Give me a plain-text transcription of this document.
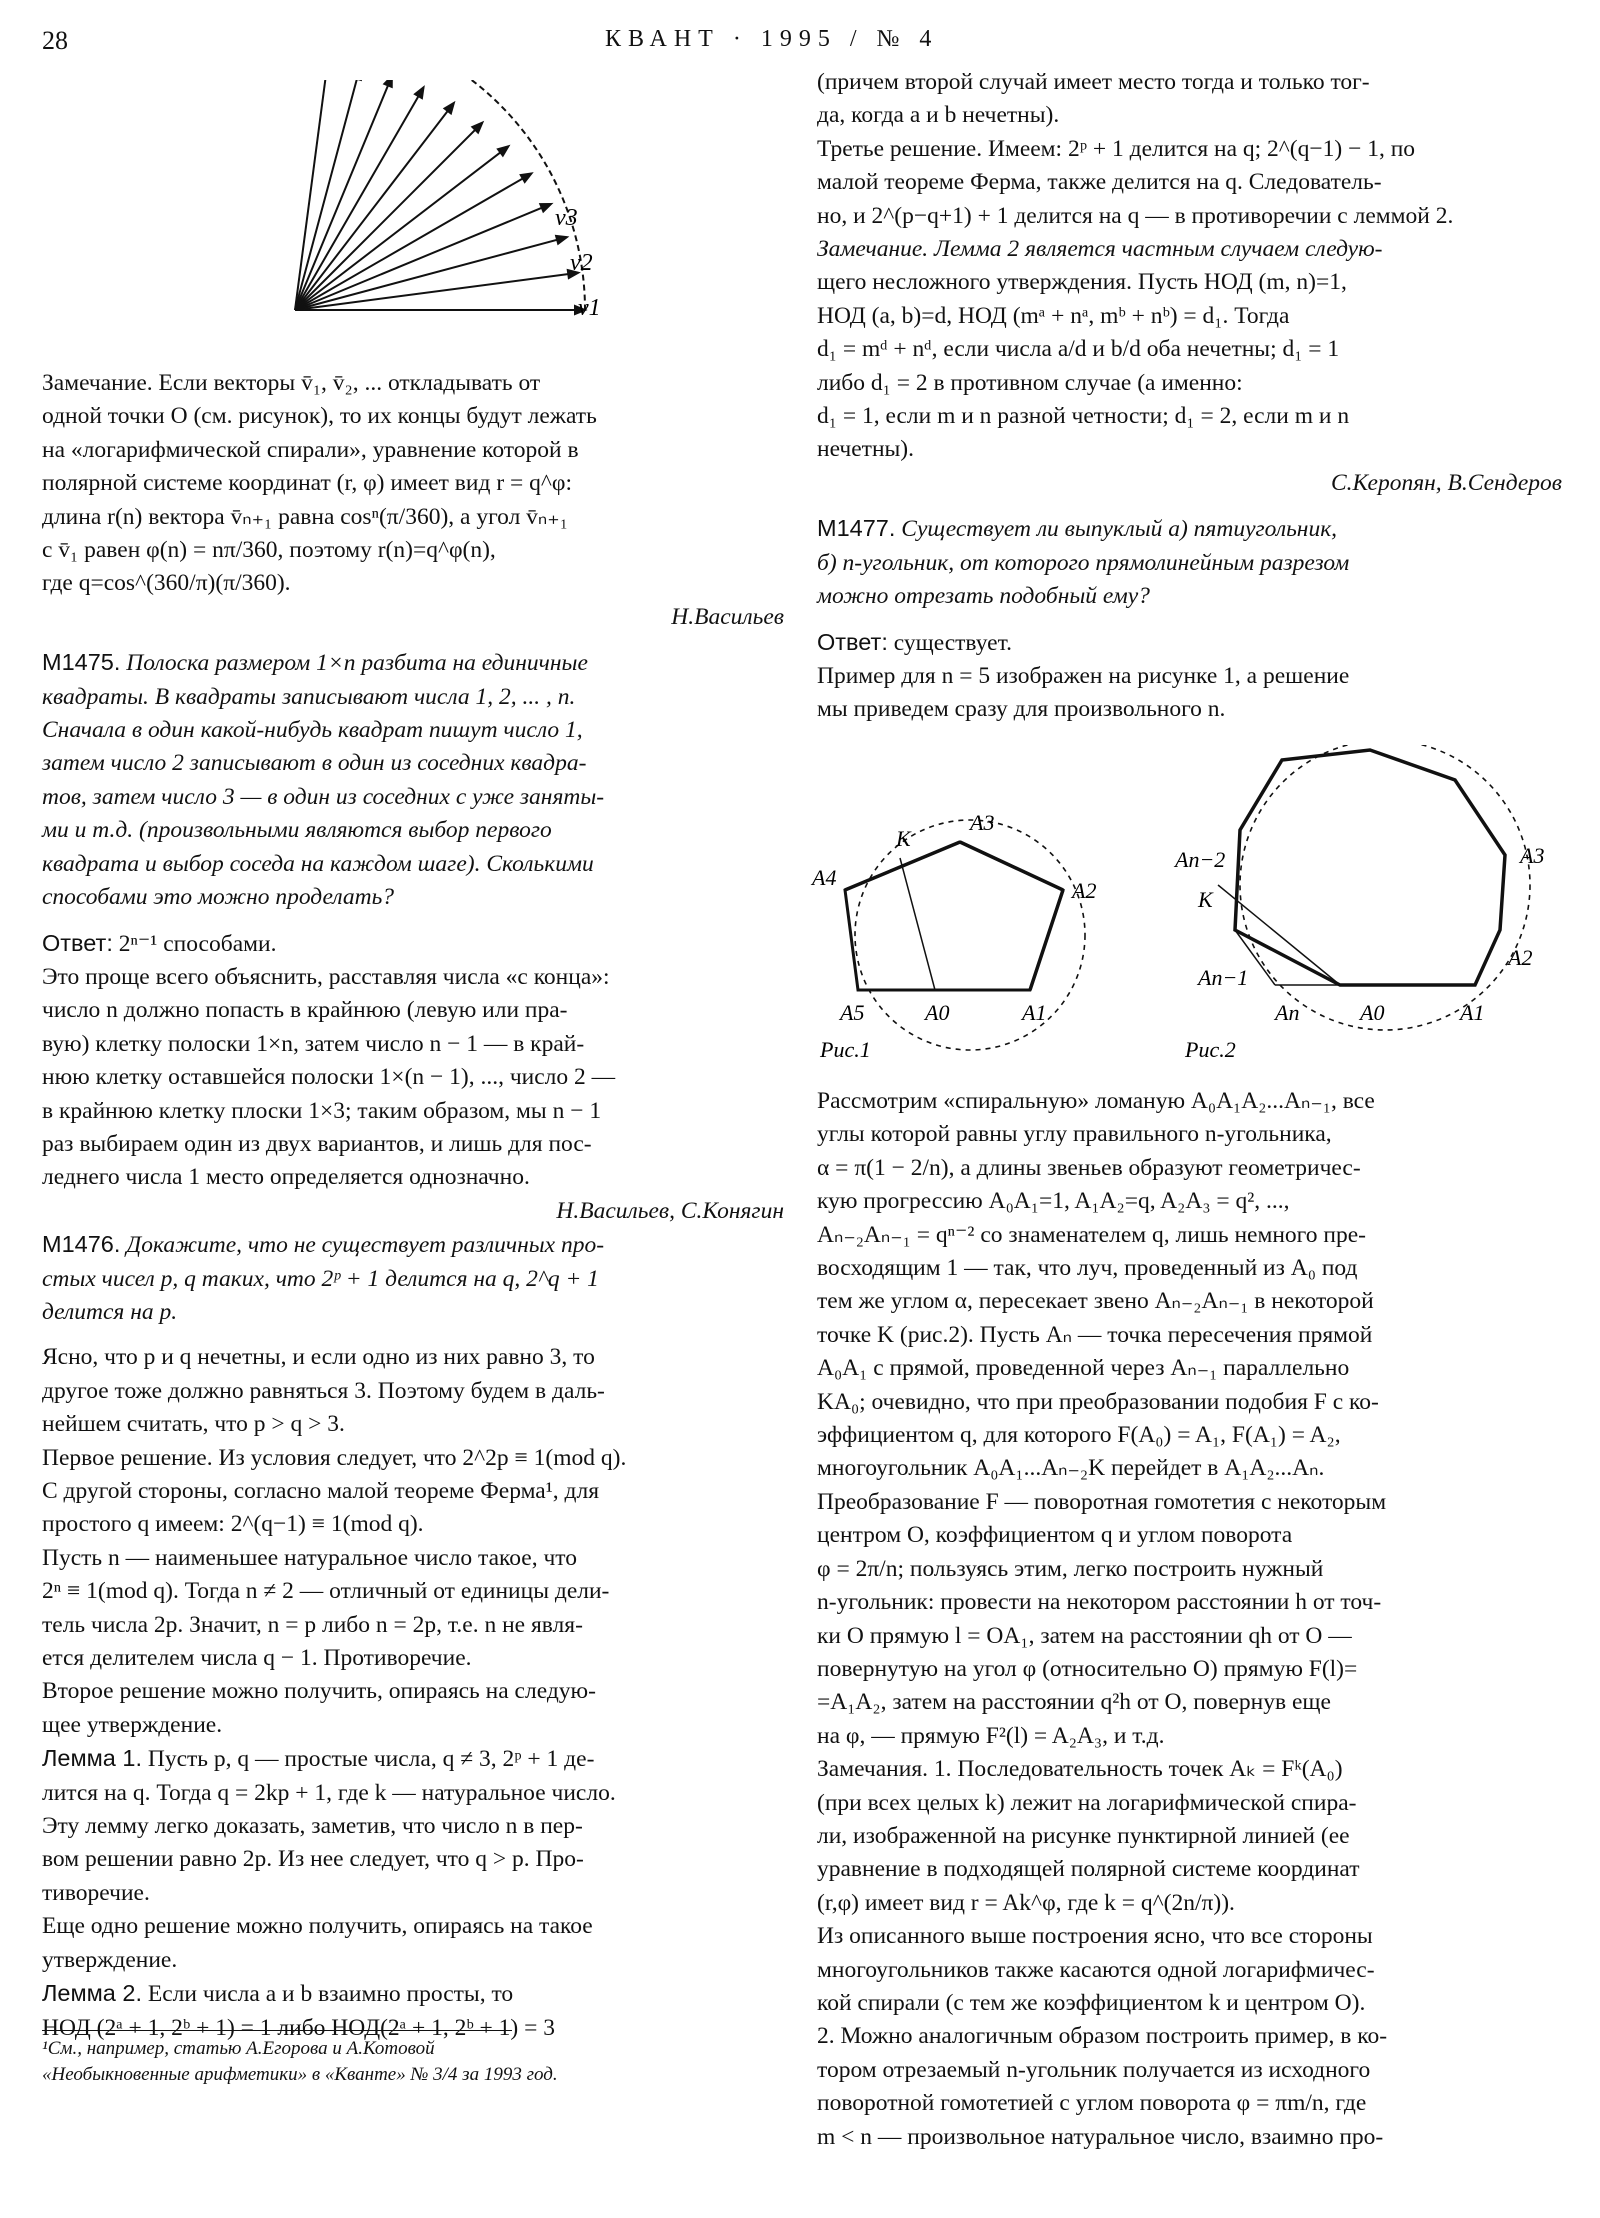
28	КВАНТ · 1995 / № 4
v3
v2
v1

Замечание. Если векторы v̄₁, v̄₂, ... откладывать от

одной точки O (см. рисунок), то их концы будут лежать

на «логарифмической спирали», уравнение которой в

полярной системе координат (r, φ) имеет вид r = q^φ:

длина r(n) вектора v̄ₙ₊₁ равна cosⁿ(π/360), а угол v̄ₙ₊₁

с v̄₁ равен φ(n) = nπ/360, поэтому r(n)=q^φ(n),

где q=cos^(360/π)(π/360).

Н.Васильев

М1475. Полоска размером 1×n разбита на единичные

квадраты. В квадраты записывают числа 1, 2, ... , n.

Сначала в один какой-нибудь квадрат пишут число 1,

затем число 2 записывают в один из соседних квадра-

тов, затем число 3 — в один из соседних с уже заняты-

ми и т.д. (произвольными являются выбор первого

квадрата и выбор соседа на каждом шаге). Сколькими

способами это можно проделать?

Ответ: 2ⁿ⁻¹ способами.

Это проще всего объяснить, расставляя числа «с конца»:

число n должно попасть в крайнюю (левую или пра-

вую) клетку полоски 1×n, затем число n − 1 — в край-

нюю клетку оставшейся полоски 1×(n − 1), ..., число 2 —

в крайнюю клетку плоски 1×3; таким образом, мы n − 1

раз выбираем один из двух вариантов, и лишь для пос-

леднего числа 1 место определяется однозначно.

Н.Васильев, С.Конягин

М1476. Докажите, что не существует различных про-

стых чисел p, q таких, что 2ᵖ + 1 делится на q, 2^q + 1

делится на p.

Ясно, что p и q нечетны, и если одно из них равно 3, то

другое тоже должно равняться 3. Поэтому будем в даль-

нейшем считать, что p > q > 3.

Первое решение. Из условия следует, что 2^2p ≡ 1(mod q).

С другой стороны, согласно малой теореме Ферма¹, для

простого q имеем: 2^(q−1) ≡ 1(mod q).

Пусть n — наименьшее натуральное число такое, что

2ⁿ ≡ 1(mod q). Тогда n ≠ 2 — отличный от единицы дели-

тель числа 2p. Значит, n = p либо n = 2p, т.е. n не явля-

ется делителем числа q − 1. Противоречие.

Второе решение можно получить, опираясь на следую-

щее утверждение.

Лемма 1. Пусть p, q — простые числа, q ≠ 3, 2ᵖ + 1 де-

лится на q. Тогда q = 2kp + 1, где k — натуральное число.

Эту лемму легко доказать, заметив, что число n в пер-

вом решении равно 2p. Из нее следует, что q > p. Про-

тиворечие.

Еще одно решение можно получить, опираясь на такое

утверждение.

Лемма 2. Если числа a и b взаимно просты, то

НОД (2ᵃ + 1, 2ᵇ + 1) = 1 либо НОД(2ᵃ + 1, 2ᵇ + 1) = 3

¹См., например, статью А.Егорова и А.Котовой
«Необыкновенные арифметики» в «Кванте» № 3/4 за 1993 год.

(причем второй случай имеет место тогда и только тог-

да, когда a и b нечетны).

Третье решение. Имеем: 2ᵖ + 1 делится на q; 2^(q−1) − 1, по

малой теореме Ферма, также делится на q. Следователь-

но, и 2^(p−q+1) + 1 делится на q — в противоречии с леммой 2.

Замечание. Лемма 2 является частным случаем следую-

щего несложного утверждения. Пусть НОД (m, n)=1,

НОД (a, b)=d, НОД (mᵃ + nᵃ, mᵇ + nᵇ) = d₁. Тогда

d₁ = mᵈ + nᵈ, если числа a/d и b/d оба нечетны; d₁ = 1

либо d₁ = 2 в противном случае (а именно:

d₁ = 1, если m и n разной четности; d₁ = 2, если m и n

нечетны).

С.Керопян, В.Сендеров

М1477. Существует ли выпуклый а) пятиугольник,

б) n-угольник, от которого прямолинейным разрезом

можно отрезать подобный ему?

Ответ: существует.

Пример для n = 5 изображен на рисунке 1, а решение

мы приведем сразу для произвольного n.

A3
K
A4
A2
A5	A0	A1
Рис.1
An−2	A3
K
A2
An−1
An	A0	A1
Рис.2

Рассмотрим «спиральную» ломаную A₀A₁A₂...Aₙ₋₁, все

углы которой равны углу правильного n-угольника,

α = π(1 − 2/n), а длины звеньев образуют геометричес-

кую прогрессию A₀A₁=1, A₁A₂=q, A₂A₃ = q², ...,

Aₙ₋₂Aₙ₋₁ = qⁿ⁻² со знаменателем q, лишь немного пре-

восходящим 1 — так, что луч, проведенный из A₀ под

тем же углом α, пересекает звено Aₙ₋₂Aₙ₋₁ в некоторой

точке K (рис.2). Пусть Aₙ — точка пересечения прямой

A₀A₁ с прямой, проведенной через Aₙ₋₁ параллельно

KA₀; очевидно, что при преобразовании подобия F с ко-

эффициентом q, для которого F(A₀) = A₁, F(A₁) = A₂,

многоугольник A₀A₁...Aₙ₋₂K перейдет в A₁A₂...Aₙ.

Преобразование F — поворотная гомотетия с некоторым

центром O, коэффициентом q и углом поворота

φ = 2π/n; пользуясь этим, легко построить нужный

n-угольник: провести на некотором расстоянии h от точ-

ки O прямую l = OA₁, затем на расстоянии qh от O —

повернутую на угол φ (относительно O) прямую F(l)=

=A₁A₂, затем на расстоянии q²h от O, повернув еще

на φ, — прямую F²(l) = A₂A₃, и т.д.

Замечания. 1. Последовательность точек Aₖ = Fᵏ(A₀)

(при всех целых k) лежит на логарифмической спира-

ли, изображенной на рисунке пунктирной линией (ее

уравнение в подходящей полярной системе координат

(r,φ) имеет вид r = Ak^φ, где k = q^(2n/π)).

Из описанного выше построения ясно, что все стороны

многоугольников также касаются одной логарифмичес-

кой спирали (с тем же коэффициентом k и центром O).

2. Можно аналогичным образом построить пример, в ко-

тором отрезаемый n-угольник получается из исходного

поворотной гомотетией с углом поворота φ = πm/n, где

m < n — произвольное натуральное число, взаимно про-
